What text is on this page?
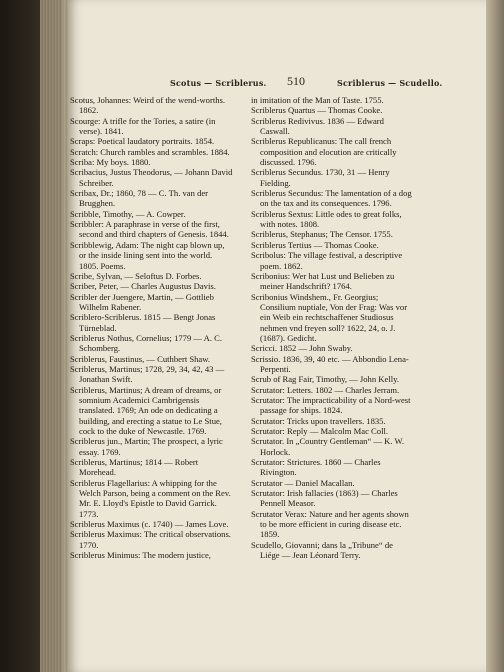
Scotus — Scriblerus. 510	Scriblerus — Scudello.

Scotus, Johannes: Weird of the wend-worths. 1862.

Scourge: A trifle for the Tories, a satire (in verse). 1841.

Scraps: Poetical laudatory portraits. 1854.

Scratch: Church rambles and scrambles. 1884.

Scriba: My boys. 1880.

Scribacius, Justus Theodorus, — Johann David Schreiber.

Scribax, Dr.; 1860, 78 — C. Th. van der Brugghen.

Scribble, Timothy, — A. Cowper.

Scribbler: A paraphrase in verse of the first, second and third chapters of Genesis. 1844.

Scribblewig, Adam: The night cap blown up, or the inside lining sent into the world. 1805. Poems.

Scribe, Sylvan, — Seloftus D. Forbes.

Scriber, Peter, — Charles Augustus Davis.

Scribler der Juengere, Martin, — Gottlieb Wilhelm Rabener.

Scriblero-Scriblerus. 1815 — Bengt Jonas Türneblad.

Scriblerus Nothus, Cornelius; 1779 — A. C. Schomberg.

Scriblerus, Faustinus, — Cuthbert Shaw.

Scriblerus, Martinus; 1728, 29, 34, 42, 43 — Jonathan Swift.

Scriblerus, Martinus; A dream of dreams, or somnium Academici Cambrigensis translated. 1769; An ode on dedicating a building, and erecting a statue to Le Stue, cock to the duke of Newcastle. 1769.

Scriblerus jun., Martin; The prospect, a lyric essay. 1769.

Scriblerus, Martinus; 1814 — Robert Morehead.

Scriblerus Flagellarius: A whipping for the Welch Parson, being a comment on the Rev. Mr. E. Lloyd's Epistle to David Garrick. 1773.

Scriblerus Maximus (c. 1740) — James Love.

Scriblerus Maximus: The critical observations. 1770.

Scriblerus Minimus: The modern justice,

in imitation of the Man of Taste. 1755.

Scriblerus Quartus — Thomas Cooke.

Scriblerus Redivivus. 1836 — Edward Caswall.

Scriblerus Republicanus: The call french composition and elocution are critically discussed. 1796.

Scriblerus Secundus. 1730, 31 — Henry Fielding.

Scriblerus Secundus: The lamentation of a dog on the tax and its consequences. 1796.

Scriblerus Sextus: Little odes to great folks, with notes. 1808.

Scriblerus, Stephanus; The Censor. 1755.

Scriblerus Tertius — Thomas Cooke.

Scribolus: The village festival, a descriptive poem. 1862.

Scribonius: Wer hat Lust und Belieben zu meiner Handschrift? 1764.

Scribonius Windshem., Fr. Georgius; Consilium nuptiale, Von der Frag: Was vor ein Weib ein rechtschaffener Studiosus nehmen vnd freyen soll? 1622, 24, o. J. (1687). Gedicht.

Scricci. 1852 — John Swaby.

Scrissio. 1836, 39, 40 etc. — Abbondio Lena-Perpenti.

Scrub of Rag Fair, Timothy, — John Kelly.

Scrutator: Letters. 1802 — Charles Jerram.

Scrutator: The impracticability of a Nord-west passage for ships. 1824.

Scrutator: Tricks upon travellers. 1835.

Scrutator: Reply — Malcolm Mac Coll.

Scrutator. In „Country Gentleman“ — K. W. Horlock.

Scrutator: Strictures. 1860 — Charles Rivington.

Scrutator — Daniel Macallan.

Scrutator: Irish fallacies (1863) — Charles Pennell Measor.

Scrutator Verax: Nature and her agents shown to be more efficient in curing disease etc. 1859.

Scudello, Giovanni; dans la „Tribune“ de Liége — Jean Léonard Terry.
